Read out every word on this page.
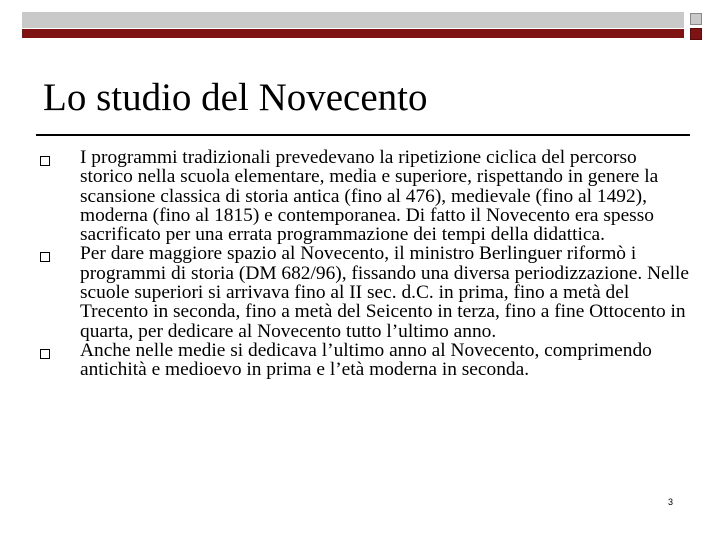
Lo studio del Novecento
I programmi tradizionali prevedevano la ripetizione ciclica del percorso storico nella scuola elementare, media e superiore, rispettando in genere la scansione classica di storia antica (fino al 476), medievale (fino al 1492), moderna (fino al 1815) e contemporanea. Di fatto il Novecento era spesso sacrificato per una errata programmazione dei tempi della didattica.
Per dare maggiore spazio al Novecento, il ministro Berlinguer riformò i programmi di storia (DM 682/96), fissando una diversa periodizzazione. Nelle scuole superiori si arrivava fino al II sec. d.C. in prima, fino a metà del Trecento in seconda, fino a metà del Seicento in terza, fino a fine Ottocento in quarta, per dedicare al Novecento tutto l’ultimo anno.
Anche nelle medie si dedicava l’ultimo anno al Novecento, comprimendo antichità e medioevo in prima e l’età moderna in seconda.
3
